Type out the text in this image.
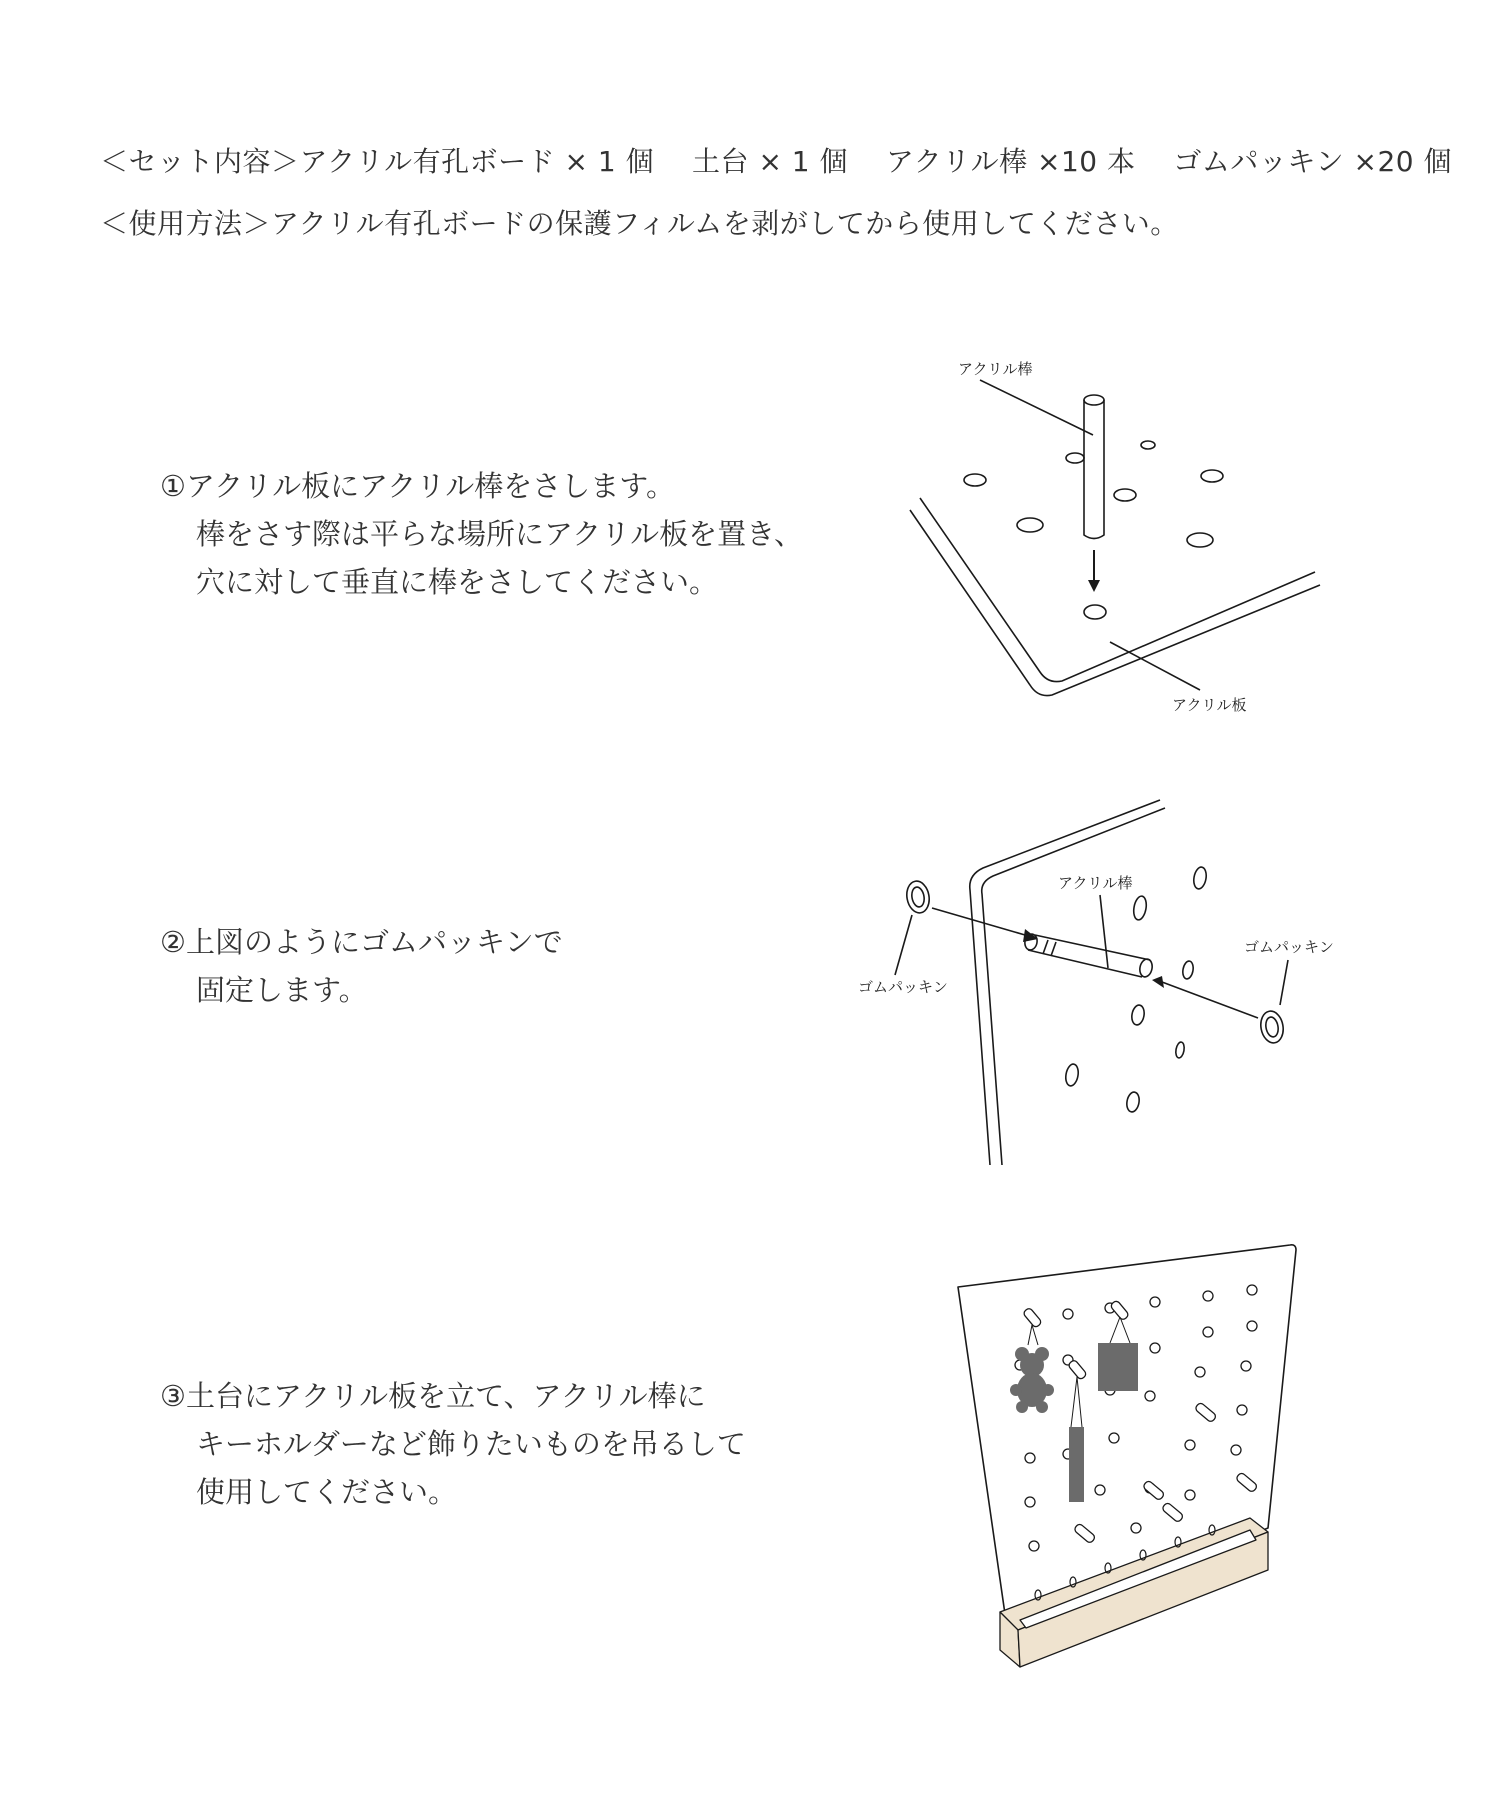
＜セット内容＞アクリル有孔ボード × 1 個　 土台 × 1 個　 アクリル棒 ×10 本　 ゴムパッキン ×20 個
＜使用方法＞アクリル有孔ボードの保護フィルムを剥がしてから使用してください。
①アクリル板にアクリル棒をさします。
棒をさす際は平らな場所にアクリル板を置き、
穴に対して垂直に棒をさしてください。
②上図のようにゴムパッキンで
固定します。
③土台にアクリル板を立て、アクリル棒に
キーホルダーなど飾りたいものを吊るして
使用してください。
アクリル棒
アクリル板
アクリル棒
ゴムパッキン
ゴムパッキン
